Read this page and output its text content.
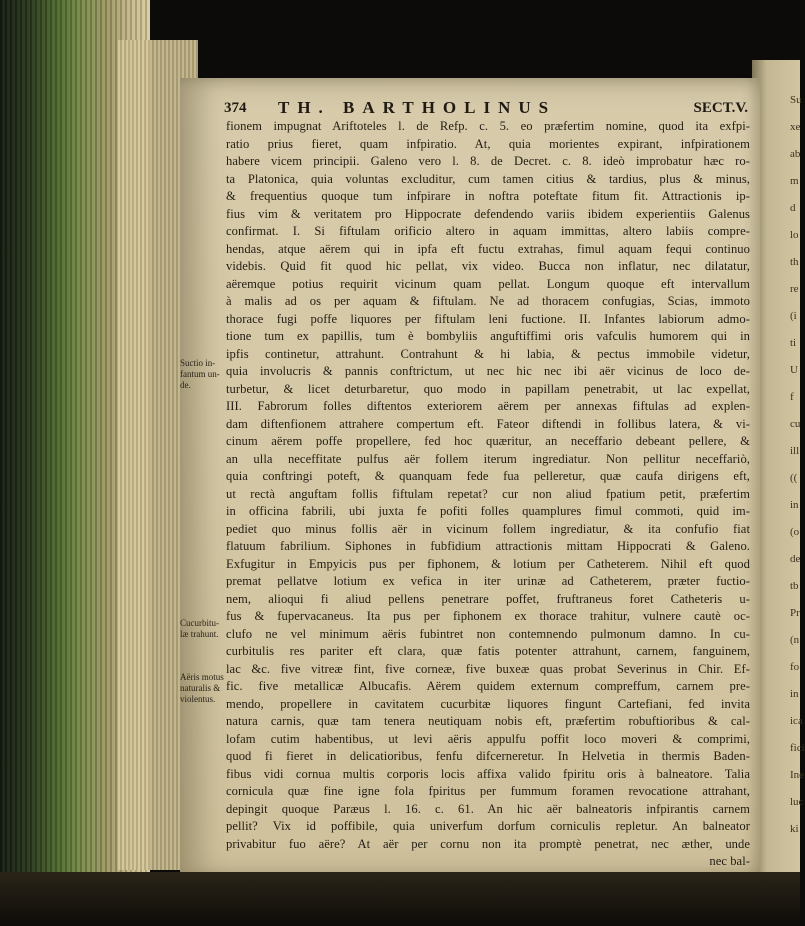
Su
xe
ab
m
d
lo
th
re
(i
ti
U
f
cu
ill
((
in
(o
de
tb
Pr
(n
fo
in
ica
fici
Ine
luc
ki
374 TH. BARTHOLINUS	SECT.V.
Suctio in-fantum un-de.
Cucurbitu-læ trahunt.
Aëris motus naturalis & violentus.
fionem impugnat Ariftoteles l. de Refp. c. 5. eo præfertim nomine, quod ita exfpi-
ratio prius fieret, quam infpiratio. At, quia morientes expirant, infpirationem
habere vicem principii. Galeno vero l. 8. de Decret. c. 8. ideò improbatur hæc ro-
ta Platonica, quia voluntas excluditur, cum tamen citius & tardius, plus & minus,
& frequentius quoque tum infpirare in noftra poteftate fitum fit. Attractionis ip-
fius vim & veritatem pro Hippocrate defendendo variis ibidem experientiis Galenus
confirmat. I. Si fiftulam orificio altero in aquam immittas, altero labiis compre-
hendas, atque aërem qui in ipfa eft fuctu extrahas, fimul aquam fequi continuo
videbis. Quid fit quod hic pellat, vix video. Bucca non inflatur, nec dilatatur,
aëremque potius requirit vicinum quam pellat. Longum quoque eft intervallum
à malis ad os per aquam & fiftulam. Ne ad thoracem confugias, Scias, immoto
thorace fugi poffe liquores per fiftulam leni fuctione. II. Infantes labiorum admo-
tione tum ex papillis, tum è bombyliis anguftiffimi oris vafculis humorem qui in
ipfis continetur, attrahunt. Contrahunt & hi labia, & pectus immobile videtur,
quia involucris & pannis conftrictum, ut nec hic nec ibi aër vicinus de loco de-
turbetur, & licet deturbaretur, quo modo in papillam penetrabit, ut lac expellat,
III. Fabrorum folles diftentos exteriorem aërem per annexas fiftulas ad explen-
dam diftenfionem attrahere compertum eft. Fateor diftendi in follibus latera, & vi-
cinum aërem poffe propellere, fed hoc quæritur, an neceffario debeant pellere, &
an ulla neceffitate pulfus aër follem iterum ingrediatur. Non pellitur neceffariò,
quia conftringi poteft, & quanquam fede fua pelleretur, quæ caufa dirigens eft,
ut rectà anguftam follis fiftulam repetat? cur non aliud fpatium petit, præfertim
in officina fabrili, ubi juxta fe pofiti folles quamplures fimul commoti, quid im-
pediet quo minus follis aër in vicinum follem ingrediatur, & ita confufio fiat
flatuum fabrilium. Siphones in fubfidium attractionis mittam Hippocrati & Galeno.
Exfugitur in Empyicis pus per fiphonem, & lotium per Catheterem. Nihil eft quod
premat pellatve lotium ex vefica in iter urinæ ad Catheterem, præter fuctio-
nem, alioqui fi aliud pellens penetrare poffet, fruftraneus foret Catheteris u-
fus & fupervacaneus. Ita pus per fiphonem ex thorace trahitur, vulnere cautè oc-
clufo ne vel minimum aëris fubintret non contemnendo pulmonum damno. In cu-
curbitulis res pariter eft clara, quæ fatis potenter attrahunt, carnem, fanguinem,
lac &c. five vitreæ fint, five corneæ, five buxeæ quas probat Severinus in Chir. Ef-
fic. five metallicæ Albucafis. Aërem quidem externum compreffum, carnem pre-
mendo, propellere in cavitatem cucurbitæ liquores fingunt Cartefiani, fed invita
natura carnis, quæ tam tenera neutiquam nobis eft, præfertim robuftioribus & cal-
lofam cutim habentibus, ut levi aëris appulfu poffit loco moveri & comprimi,
quod fi fieret in delicatioribus, fenfu difcerneretur. In Helvetia in thermis Baden-
fibus vidi cornua multis corporis locis affixa valido fpiritu oris à balneatore. Talia
cornicula quæ fine igne fola fpiritus per fummum foramen revocatione attrahant,
depingit quoque Paræus l. 16. c. 61. An hic aër balneatoris infpirantis carnem
pellit? Vix id poffibile, quia univerfum dorfum corniculis repletur. An balneator
privabitur fuo aëre? At aër per cornu non ita promptè penetrat, nec æther, unde
nec bal-
